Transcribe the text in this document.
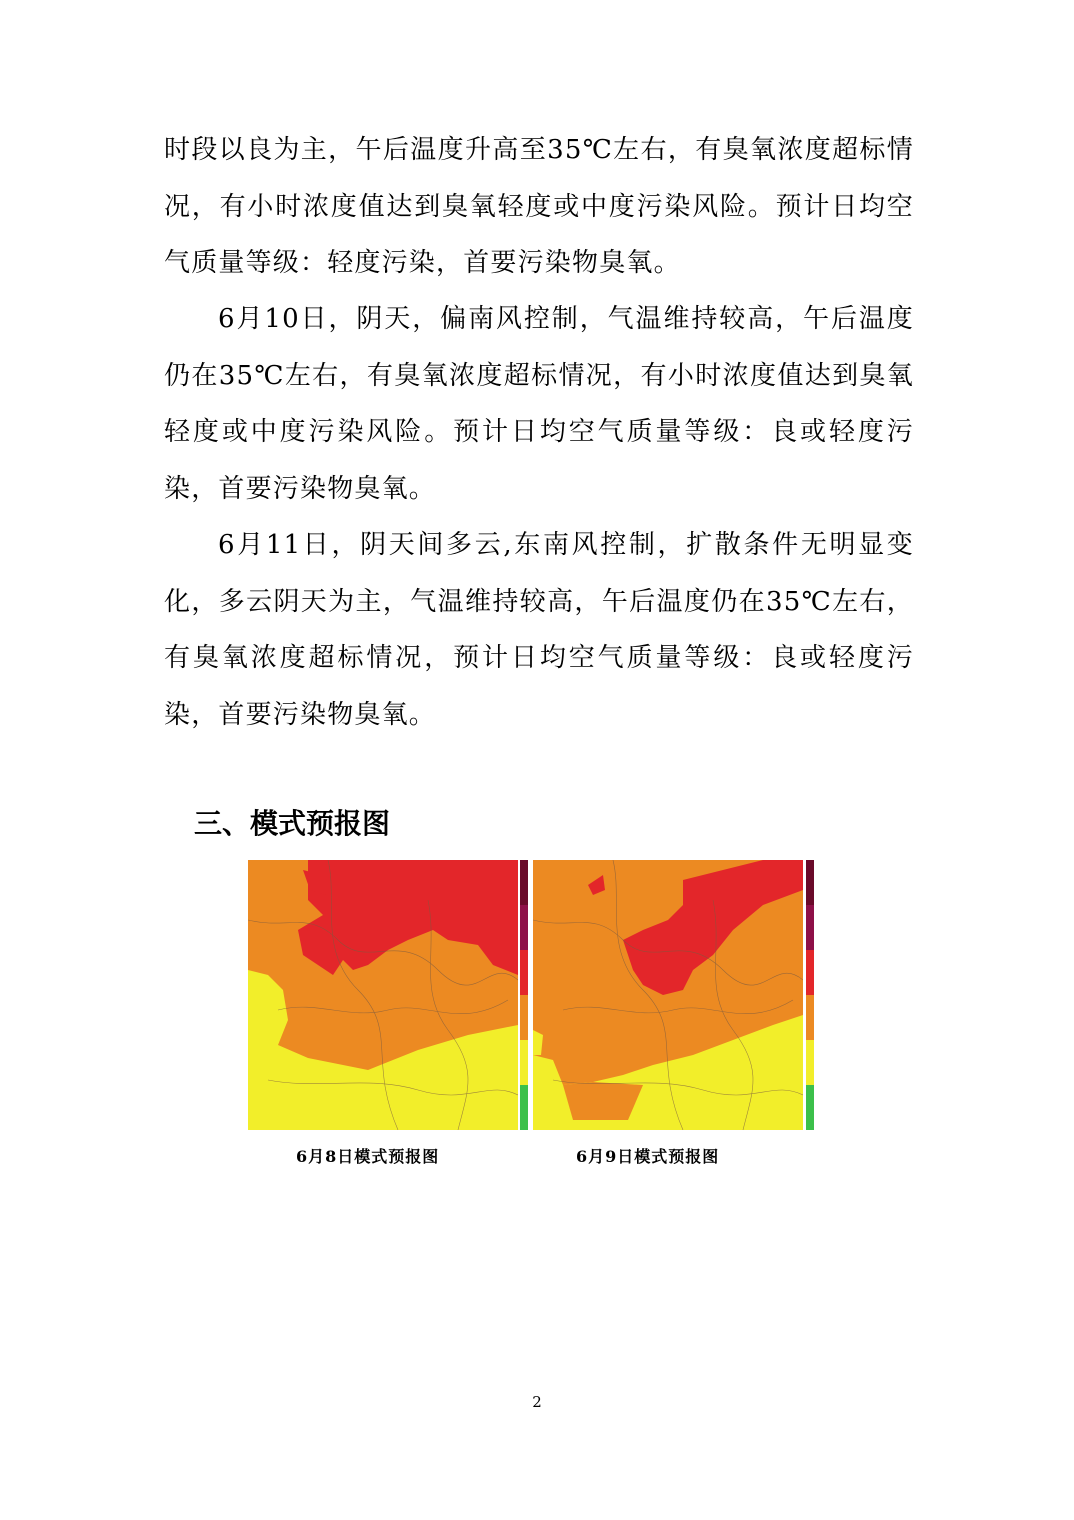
时段以良为主，午后温度升高至35℃左右，有臭氧浓度超标情况，有小时浓度值达到臭氧轻度或中度污染风险。预计日均空气质量等级：轻度污染，首要污染物臭氧。

6月10日，阴天，偏南风控制，气温维持较高，午后温度仍在35℃左右，有臭氧浓度超标情况，有小时浓度值达到臭氧轻度或中度污染风险。预计日均空气质量等级：良或轻度污染，首要污染物臭氧。

6月11日，阴天间多云,东南风控制，扩散条件无明显变化，多云阴天为主，气温维持较高，午后温度仍在35℃左右，有臭氧浓度超标情况，预计日均空气质量等级：良或轻度污染，首要污染物臭氧。

三、模式预报图
6月8日模式预报图	6月9日模式预报图
2
